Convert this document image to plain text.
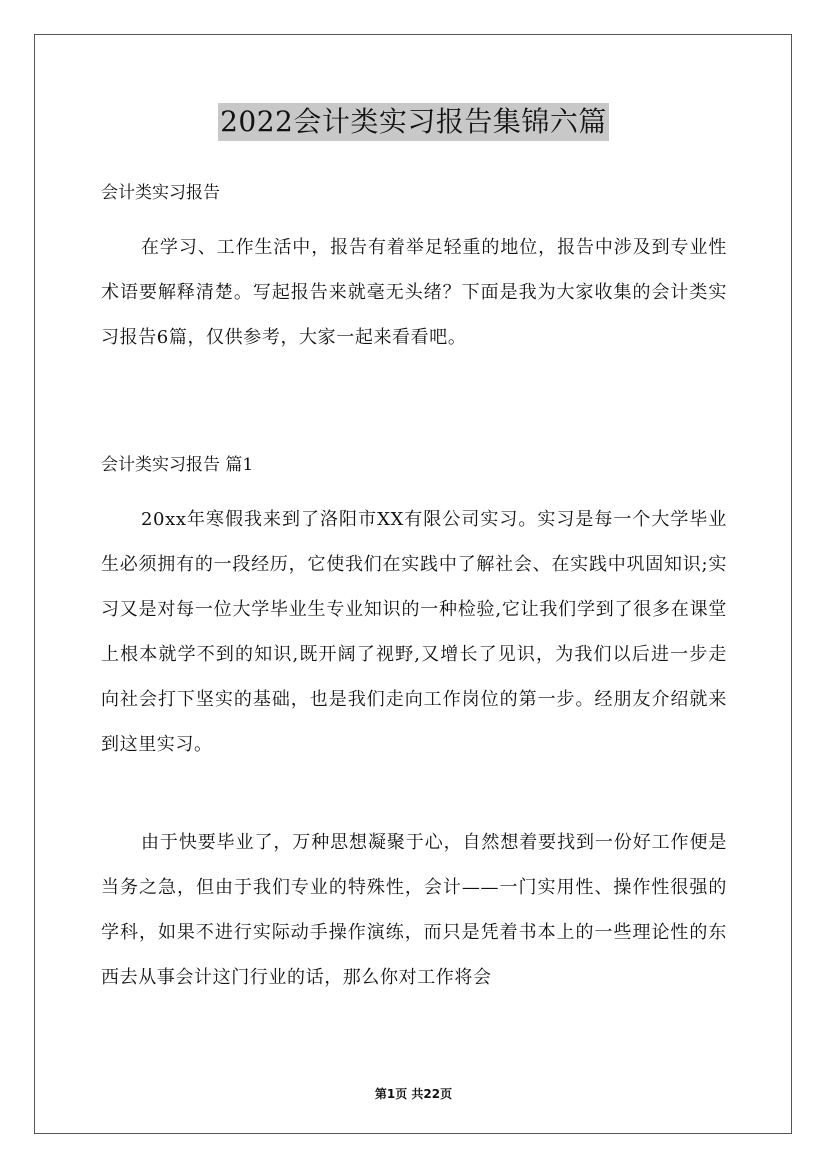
2022会计类实习报告集锦六篇
会计类实习报告

在学习、工作生活中，报告有着举足轻重的地位，报告中涉及到专业性术语要解释清楚。写起报告来就毫无头绪？下面是我为大家收集的会计类实习报告6篇，仅供参考，大家一起来看看吧。

会计类实习报告 篇1

20xx年寒假我来到了洛阳市XX有限公司实习。实习是每一个大学毕业生必须拥有的一段经历，它使我们在实践中了解社会、在实践中巩固知识;实习又是对每一位大学毕业生专业知识的一种检验,它让我们学到了很多在课堂上根本就学不到的知识,既开阔了视野,又增长了见识，为我们以后进一步走向社会打下坚实的基础，也是我们走向工作岗位的第一步。经朋友介绍就来到这里实习。

由于快要毕业了，万种思想凝聚于心，自然想着要找到一份好工作便是当务之急，但由于我们专业的特殊性，会计——一门实用性、操作性很强的学科，如果不进行实际动手操作演练，而只是凭着书本上的一些理论性的东西去从事会计这门行业的话，那么你对工作将会

第1页 共22页
